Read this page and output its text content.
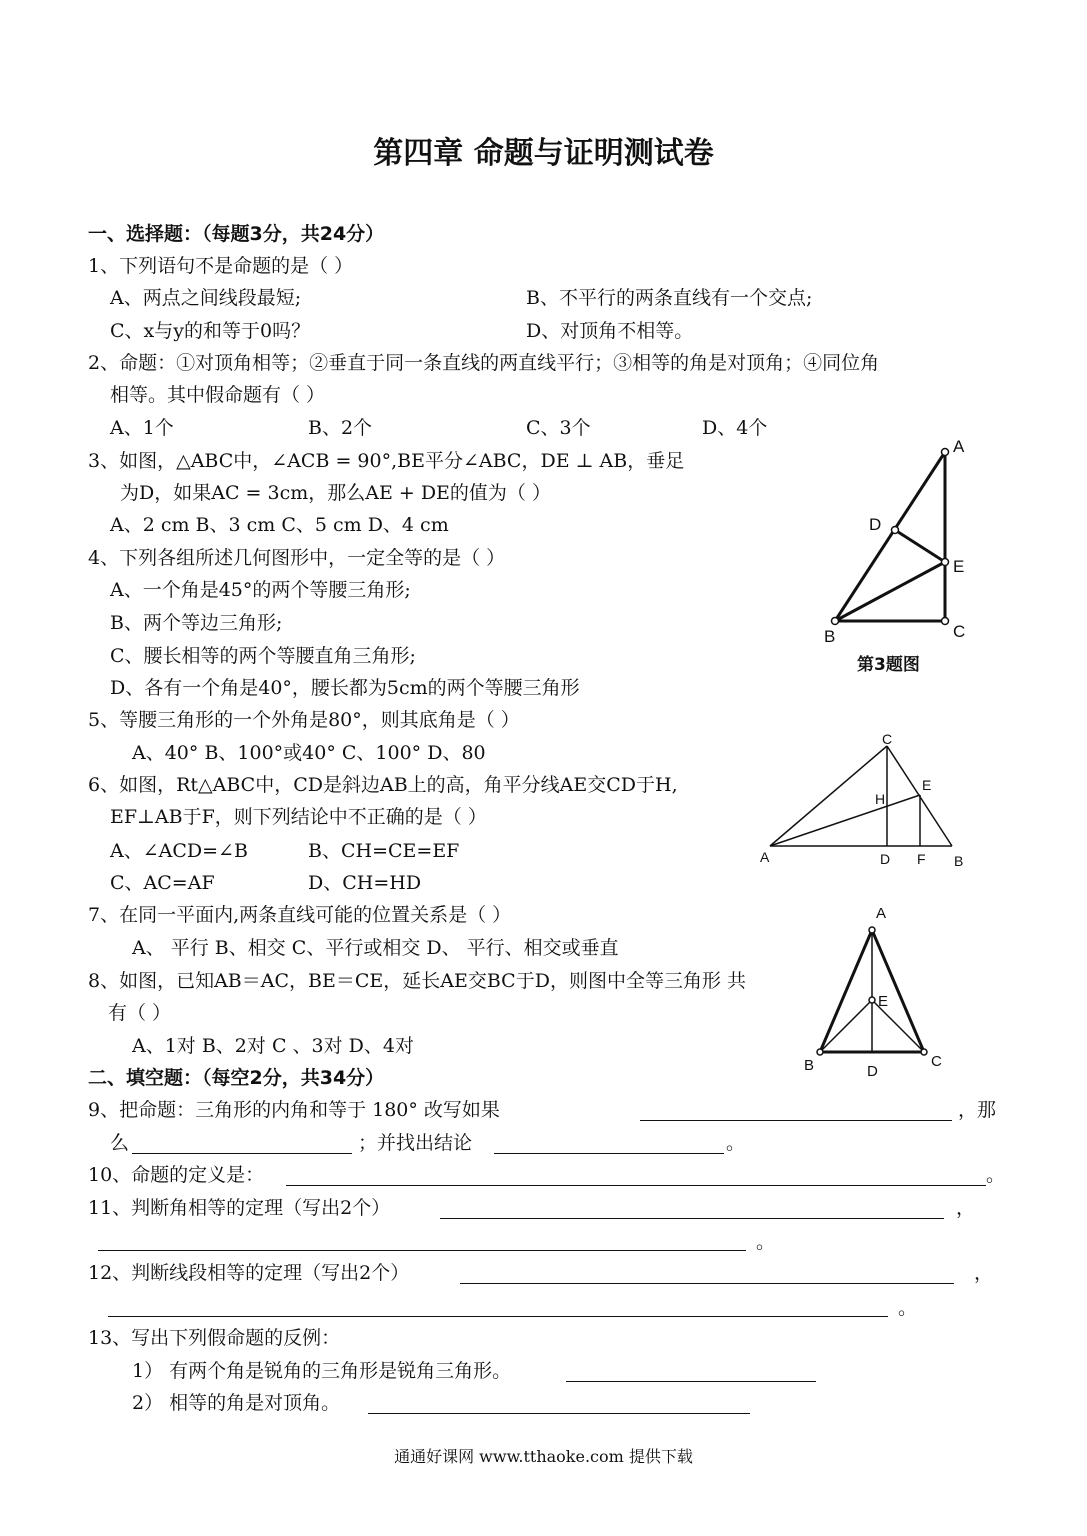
第四章 命题与证明测试卷
一、选择题：（每题3分，共24分）
1、下列语句不是命题的是（ ）
A、两点之间线段最短;	B、不平行的两条直线有一个交点;
C、x与y的和等于0吗？	D、对顶角不相等。
2、命题：①对顶角相等；②垂直于同一条直线的两直线平行；③相等的角是对顶角；④同位角
相等。其中假命题有（ ）
A、1个	B、2个	C、3个	D、4个
3、如图，△ABC中，∠ACB = 90°,BE平分∠ABC，DE ⊥ AB，垂足
为D，如果AC = 3cm，那么AE + DE的值为（ ）
A、2 cm B、3 cm C、5 cm D、4 cm
4、下列各组所述几何图形中，一定全等的是（ ）
A、一个角是45°的两个等腰三角形;
B、两个等边三角形;
C、腰长相等的两个等腰直角三角形;
D、各有一个角是40°，腰长都为5cm的两个等腰三角形
5、等腰三角形的一个外角是80°，则其底角是（ ）
A、40° B、100°或40° C、100° D、80
6、如图，Rt△ABC中，CD是斜边AB上的高，角平分线AE交CD于H,
EF⊥AB于F，则下列结论中不正确的是（ ）
A、∠ACD=∠B	B、CH=CE=EF
C、AC=AF	D、CH=HD
7、在同一平面内,两条直线可能的位置关系是（ ）
A、 平行 B、相交 C、平行或相交 D、 平行、相交或垂直
8、如图，已知AB＝AC，BE＝CE，延长AE交BC于D，则图中全等三角形 共
有（ ）
A、1对 B、2对 C 、3对 D、4对
二、填空题：（每空2分，共34分）
9、把命题：三角形的内角和等于 180° 改写如果	，那
么	；并找出结论	。
10、命题的定义是：	。
11、判断角相等的定理（写出2个）	，
。
12、判断线段相等的定理（写出2个）	，
。
13、写出下列假命题的反例：
1） 有两个角是锐角的三角形是锐角三角形。
2） 相等的角是对顶角。
A
B	C
D
E
第3题图
A	B
C
D
E
F
H
A
B	C
D
E
通通好课网 www.tthaoke.com 提供下载
